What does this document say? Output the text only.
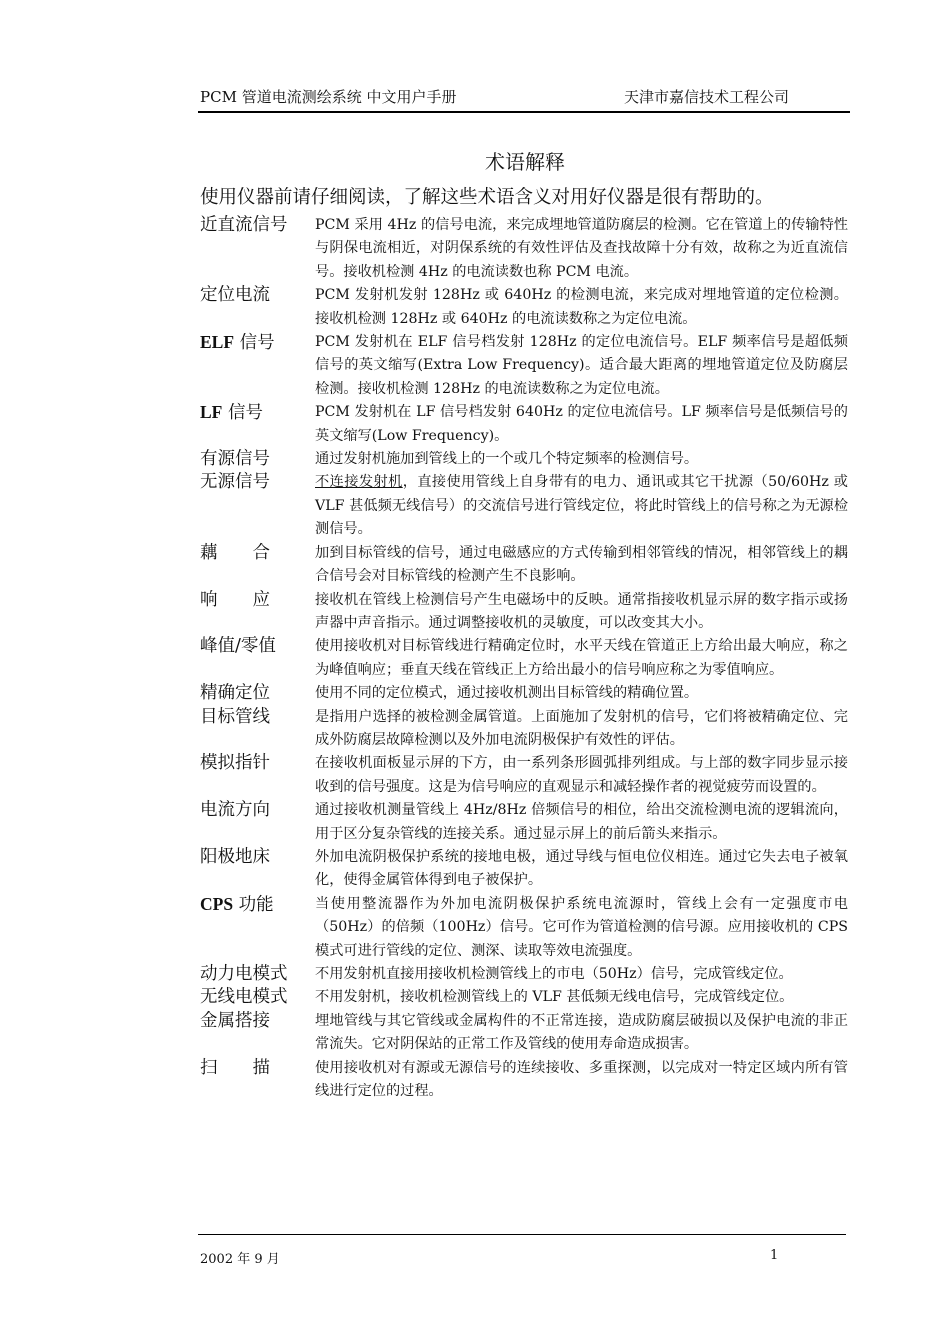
PCM 管道电流测绘系统 中文用户手册	天津市嘉信技术工程公司
术语解释
使用仪器前请仔细阅读，了解这些术语含义对用好仪器是很有帮助的。
近直流信号 PCM 采用 4Hz 的信号电流，来完成埋地管道防腐层的检测。它在管道上的传输特性与阴保电流相近，对阴保系统的有效性评估及查找故障十分有效，故称之为近直流信号。接收机检测 4Hz 的电流读数也称 PCM 电流。
定位电流	PCM 发射机发射 128Hz 或 640Hz 的检测电流，来完成对埋地管道的定位检测。接收机检测 128Hz 或 640Hz 的电流读数称之为定位电流。
ELF 信号	PCM 发射机在 ELF 信号档发射 128Hz 的定位电流信号。ELF 频率信号是超低频信号的英文缩写(Extra Low Frequency)。适合最大距离的埋地管道定位及防腐层检测。接收机检测 128Hz 的电流读数称之为定位电流。
LF 信号	PCM 发射机在 LF 信号档发射 640Hz 的定位电流信号。LF 频率信号是低频信号的英文缩写(Low Frequency)。
有源信号	通过发射机施加到管线上的一个或几个特定频率的检测信号。
无源信号	不连接发射机，直接使用管线上自身带有的电力、通讯或其它干扰源（50/60Hz 或 VLF 甚低频无线信号）的交流信号进行管线定位，将此时管线上的信号称之为无源检测信号。
藕　　合	加到目标管线的信号，通过电磁感应的方式传输到相邻管线的情况，相邻管线上的耦合信号会对目标管线的检测产生不良影响。
响　　应	接收机在管线上检测信号产生电磁场中的反映。通常指接收机显示屏的数字指示或扬声器中声音指示。通过调整接收机的灵敏度，可以改变其大小。
峰值/零值	使用接收机对目标管线进行精确定位时，水平天线在管道正上方给出最大响应，称之为峰值响应；垂直天线在管线正上方给出最小的信号响应称之为零值响应。
精确定位	使用不同的定位模式，通过接收机测出目标管线的精确位置。
目标管线	是指用户选择的被检测金属管道。上面施加了发射机的信号，它们将被精确定位、完成外防腐层故障检测以及外加电流阴极保护有效性的评估。
模拟指针	在接收机面板显示屏的下方，由一系列条形圆弧排列组成。与上部的数字同步显示接收到的信号强度。这是为信号响应的直观显示和减轻操作者的视觉疲劳而设置的。
电流方向	通过接收机测量管线上 4Hz/8Hz 倍频信号的相位，给出交流检测电流的逻辑流向，用于区分复杂管线的连接关系。通过显示屏上的前后箭头来指示。
阳极地床	外加电流阴极保护系统的接地电极，通过导线与恒电位仪相连。通过它失去电子被氧化，使得金属管体得到电子被保护。
CPS 功能	当使用整流器作为外加电流阴极保护系统电流源时，管线上会有一定强度市电（50Hz）的倍频（100Hz）信号。它可作为管道检测的信号源。应用接收机的 CPS 模式可进行管线的定位、测深、读取等效电流强度。
动力电模式 不用发射机直接用接收机检测管线上的市电（50Hz）信号，完成管线定位。
无线电模式 不用发射机，接收机检测管线上的 VLF 甚低频无线电信号，完成管线定位。
金属搭接	埋地管线与其它管线或金属构件的不正常连接，造成防腐层破损以及保护电流的非正常流失。它对阴保站的正常工作及管线的使用寿命造成损害。
扫　　描	使用接收机对有源或无源信号的连续接收、多重探测，以完成对一特定区域内所有管线进行定位的过程。
2002 年 9 月	1
